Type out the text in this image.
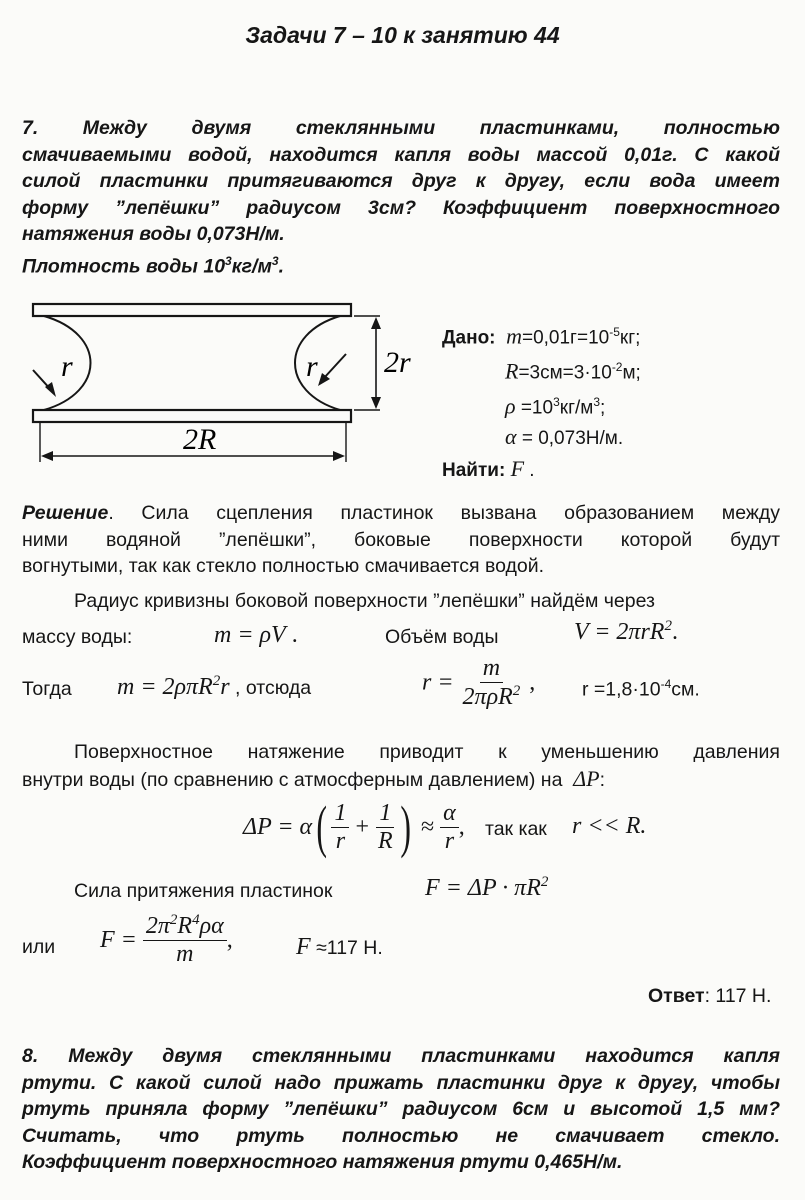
Задачи 7 – 10 к занятию 44
7. Между двумя стеклянными пластинками, полностью
смачиваемыми водой, находится капля воды массой 0,01г. С какой
силой пластинки притягиваются друг к другу, если вода имеет
форму ”лепёшки” радиусом 3см? Коэффициент поверхностного
натяжения воды 0,073Н/м.
Плотность воды $10^3кг/м^3$.
r	r 2r
2R
Дано: $m=0,01г=10^{-5}кг$;
$R=3см=3\cdot 10^{-2}м$;
$\rho =10^3кг/м^3$;
α = 0,073Н/м.
Найти: F .
Решение. Сила сцепления пластинок вызвана образованием между
ними водяной ”лепёшки”, боковые поверхности которой будут
вогнутыми, так как стекло полностью смачивается водой.
Радиус кривизны боковой поверхности ”лепёшки” найдём через
массу воды:	m = ρV .	Объём воды	V = 2πrR$^2$.
Тогда m = 2ρπR$^2$r , отсюда	$r = \frac{m}{2\pi\rho R^2}$ , $r =1,8\cdot 10^{-4}см$.
Поверхностное натяжение приводит к уменьшению давления
внутри воды (по сравнению с атмосферным давлением) на ΔP:
ΔP = α ( $\frac{1}{r} + \frac{1}{R}$ )
≈
$\frac{\alpha}{r}$ , так как r << R.
Сила притяжения пластинок	$F = \Delta P \cdot \pi R^2$
или F =
$\frac{2\pi^2R^4\rho\alpha}{m}$ ,	F ≈117 Н.
Ответ: 117 Н.
8. Между двумя стеклянными пластинками находится капля
ртути. С какой силой надо прижать пластинки друг к другу, чтобы
ртуть приняла форму ”лепёшки” радиусом 6см и высотой 1,5 мм?
Считать, что ртуть полностью не смачивает стекло.
Коэффициент поверхностного натяжения ртути 0,465Н/м.
